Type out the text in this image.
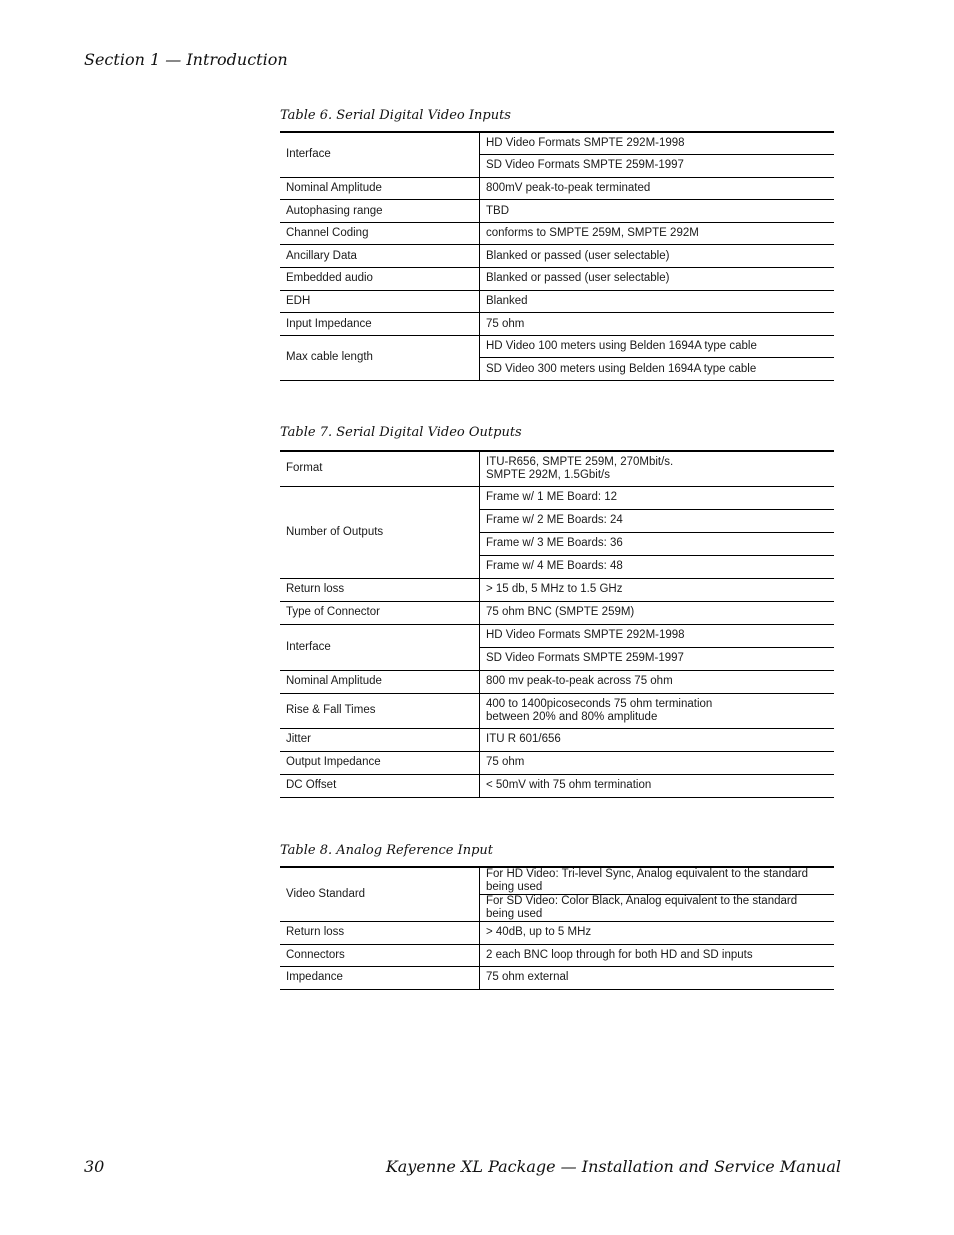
Section 1 — Introduction
Table 6. Serial Digital Video Inputs
Interface	HD Video Formats SMPTE 292M-1998
	SD Video Formats SMPTE 259M-1997
Nominal Amplitude	800mV peak-to-peak terminated
Autophasing range	TBD
Channel Coding	conforms to SMPTE 259M, SMPTE 292M
Ancillary Data	Blanked or passed (user selectable)
Embedded audio	Blanked or passed (user selectable)
EDH	Blanked
Input Impedance	75 ohm
Max cable length	HD Video 100 meters using Belden 1694A type cable
	SD Video 300 meters using Belden 1694A type cable
Table 7. Serial Digital Video Outputs
Format	ITU-R656, SMPTE 259M, 270Mbit/s.
SMPTE 292M, 1.5Gbit/s
Number of Outputs	Frame w/ 1 ME Board: 12
	Frame w/ 2 ME Boards: 24
	Frame w/ 3 ME Boards: 36
	Frame w/ 4 ME Boards: 48
Return loss	> 15 db, 5 MHz to 1.5 GHz
Type of Connector	75 ohm BNC (SMPTE 259M)
Interface	HD Video Formats SMPTE 292M-1998
	SD Video Formats SMPTE 259M-1997
Nominal Amplitude	800 mv peak-to-peak across 75 ohm
Rise & Fall Times	400 to 1400picoseconds 75 ohm termination
between 20% and 80% amplitude
Jitter	ITU R 601/656
Output Impedance	75 ohm
DC Offset	< 50mV with 75 ohm termination
Table 8. Analog Reference Input
Video Standard	For HD Video: Tri-level Sync, Analog equivalent to the standard being used
	For SD Video: Color Black, Analog equivalent to the standard being used
Return loss	> 40dB, up to 5 MHz
Connectors	2 each BNC loop through for both HD and SD inputs
Impedance	75 ohm external
30	Kayenne XL Package — Installation and Service Manual
